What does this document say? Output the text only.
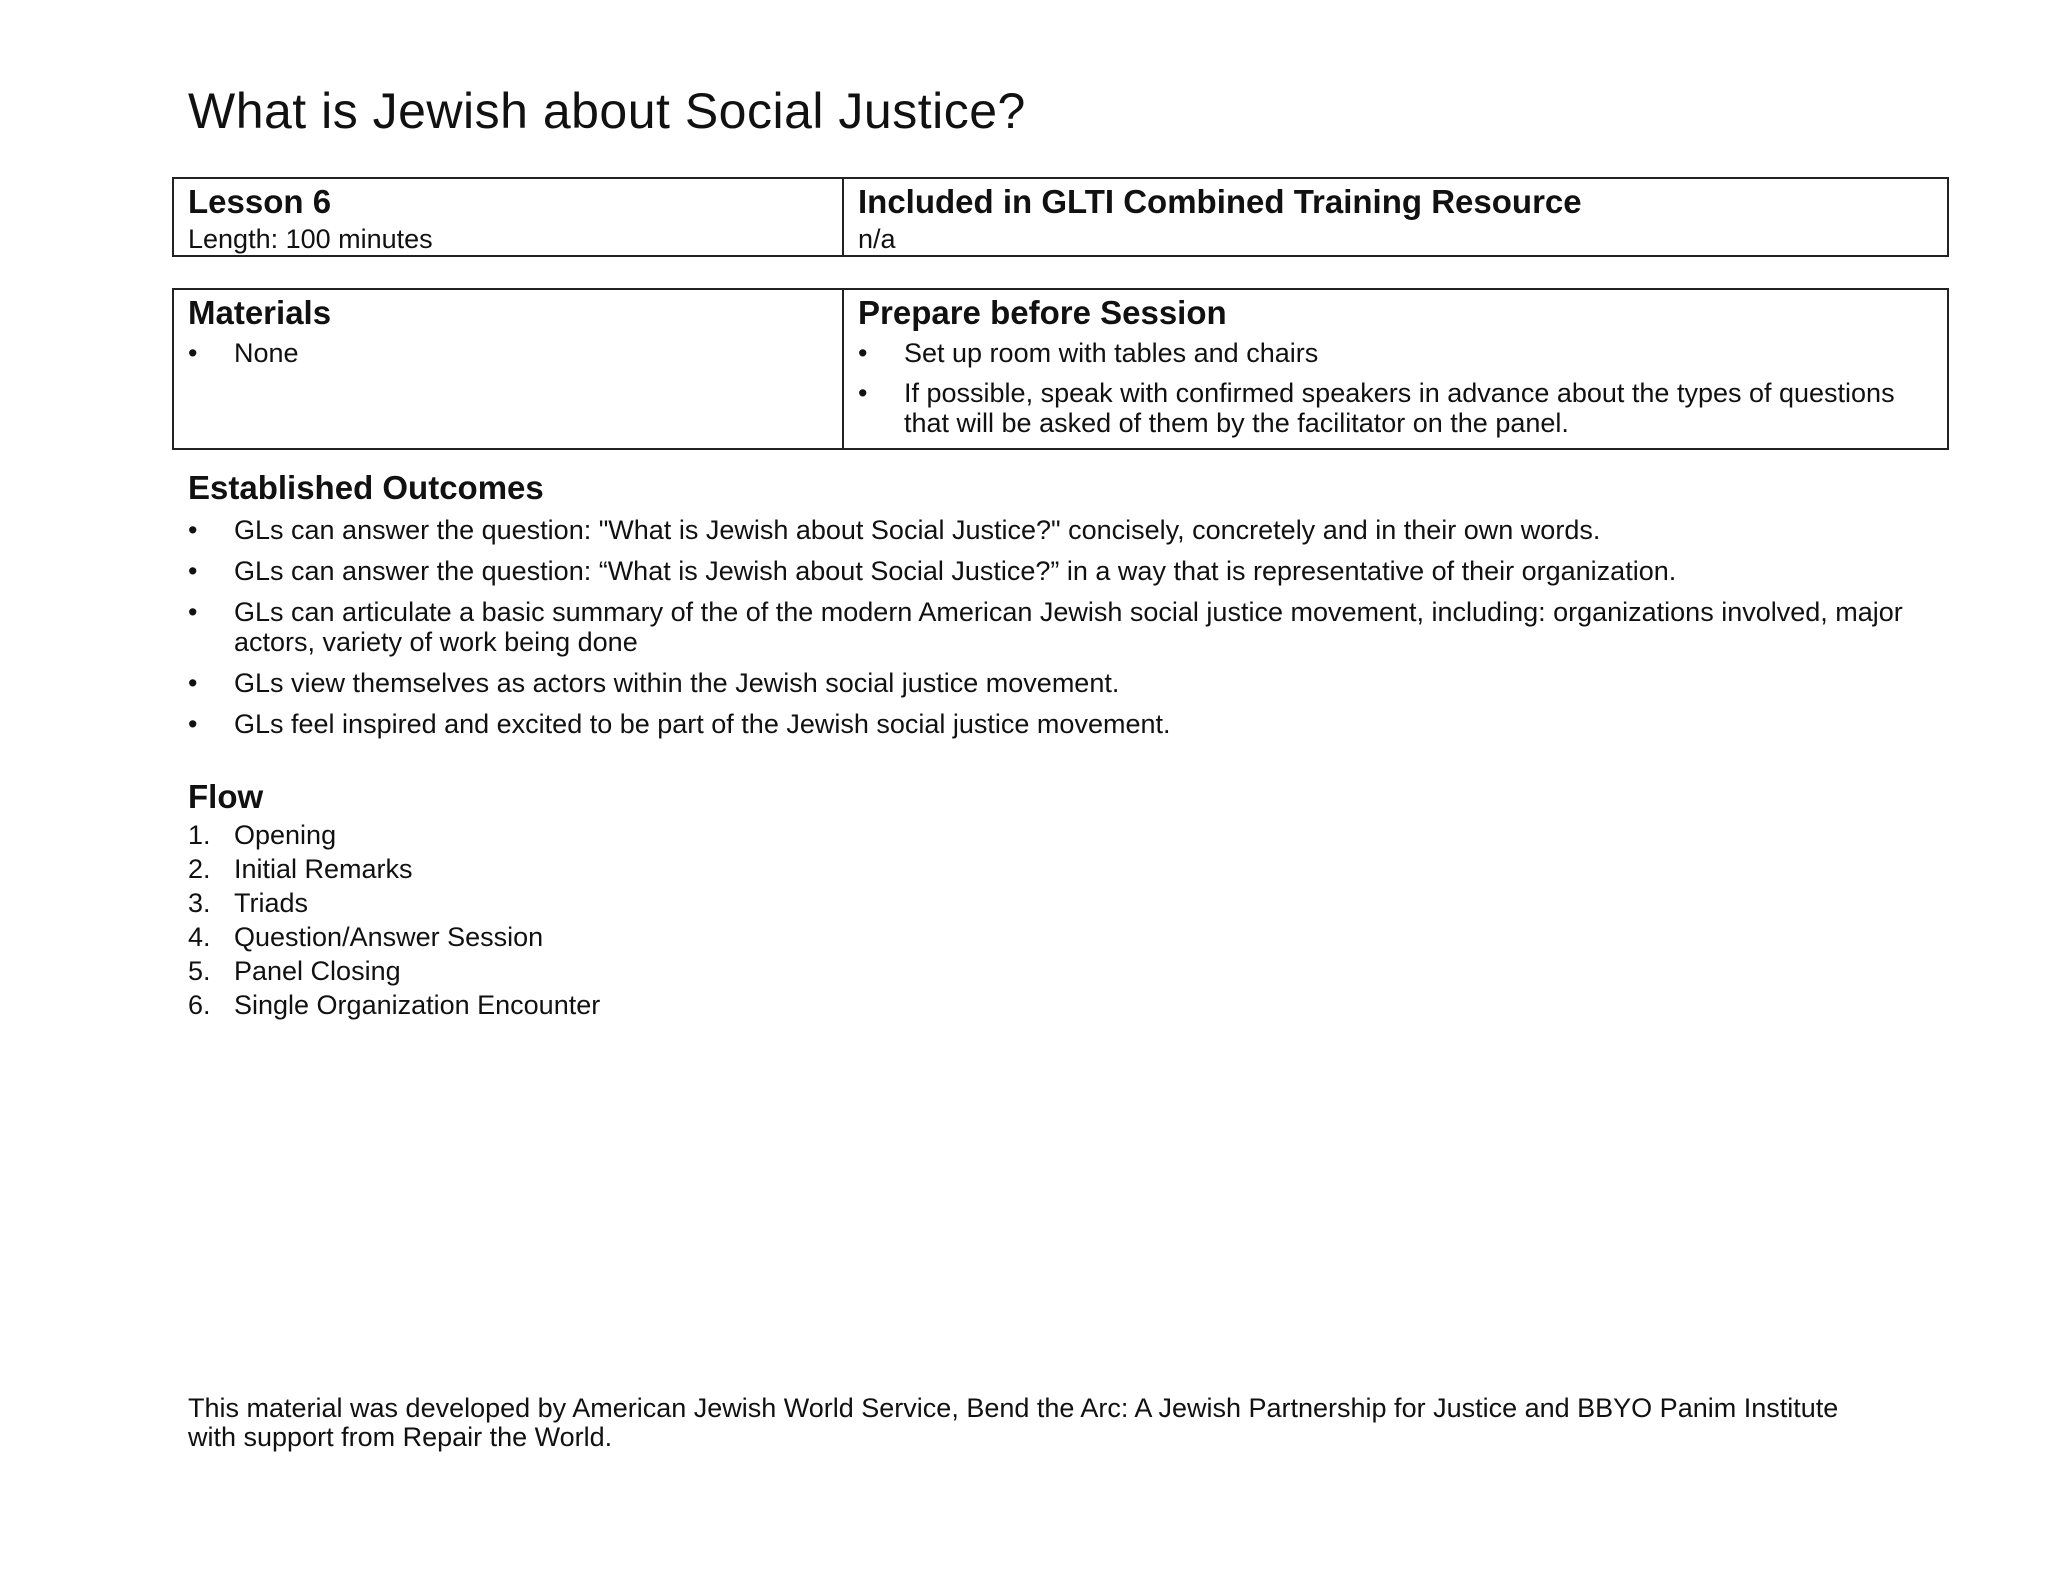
What is Jewish about Social Justice?
Lesson 6
Length: 100 minutes

Included in GLTI Combined Training Resource
n/a
Materials
• None

Prepare before Session
• Set up room with tables and chairs
• If possible, speak with confirmed speakers in advance about the types of questions that will be asked of them by the facilitator on the panel.
Established Outcomes
• GLs can answer the question: "What is Jewish about Social Justice?" concisely, concretely and in their own words.
• GLs can answer the question: “What is Jewish about Social Justice?” in a way that is representative of their organization.
• GLs can articulate a basic summary of the of the modern American Jewish social justice movement, including: organizations involved, major actors, variety of work being done
• GLs view themselves as actors within the Jewish social justice movement.
• GLs feel inspired and excited to be part of the Jewish social justice movement.
Flow
1. Opening
2. Initial Remarks
3. Triads
4. Question/Answer Session
5. Panel Closing
6. Single Organization Encounter
This material was developed by American Jewish World Service, Bend the Arc: A Jewish Partnership for Justice and BBYO Panim Institute with support from Repair the World.
